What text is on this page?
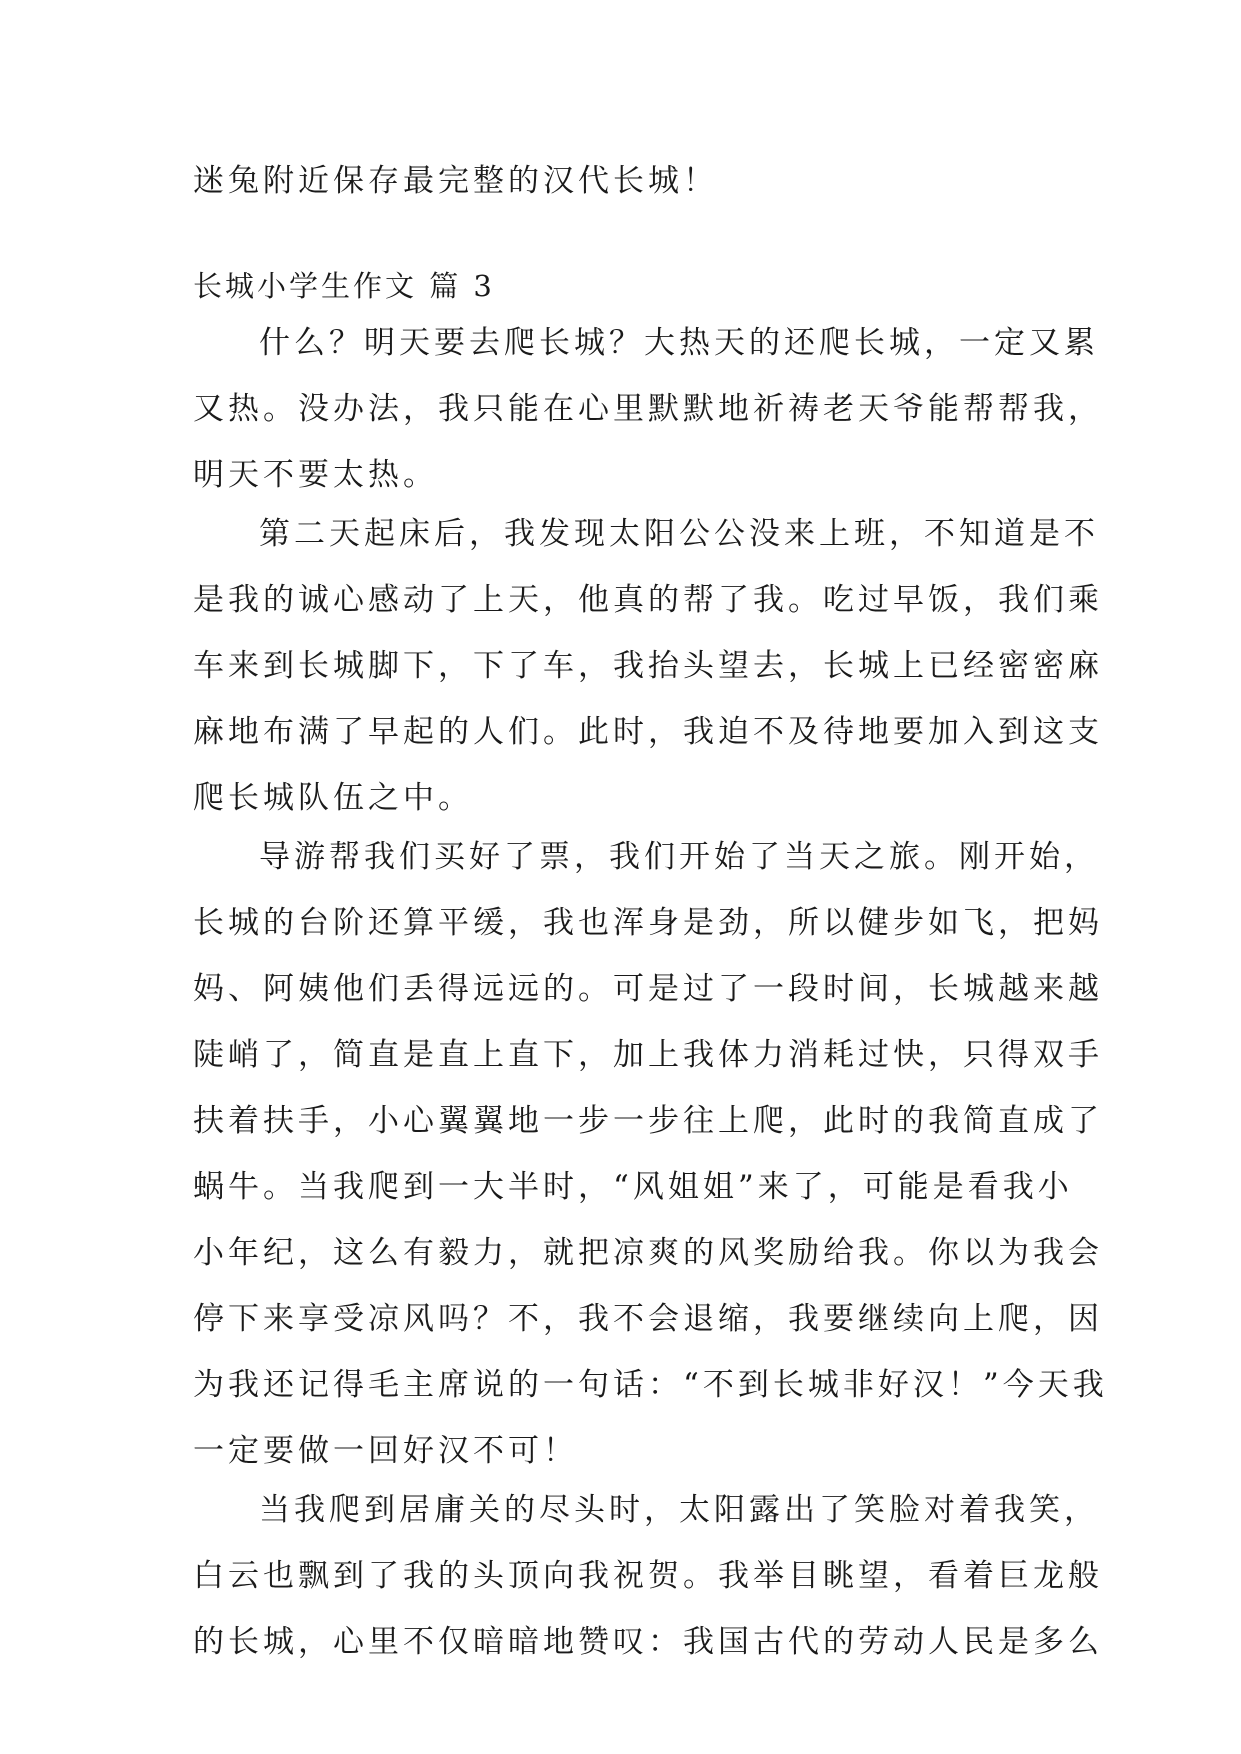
迷兔附近保存最完整的汉代长城！

长城小学生作文 篇 3

什么？明天要去爬长城？大热天的还爬长城，一定又累

又热。没办法，我只能在心里默默地祈祷老天爷能帮帮我，

明天不要太热。

第二天起床后，我发现太阳公公没来上班，不知道是不

是我的诚心感动了上天，他真的帮了我。吃过早饭，我们乘

车来到长城脚下，下了车，我抬头望去，长城上已经密密麻

麻地布满了早起的人们。此时，我迫不及待地要加入到这支

爬长城队伍之中。

导游帮我们买好了票，我们开始了当天之旅。刚开始，

长城的台阶还算平缓，我也浑身是劲，所以健步如飞，把妈

妈、阿姨他们丢得远远的。可是过了一段时间，长城越来越

陡峭了，简直是直上直下，加上我体力消耗过快，只得双手

扶着扶手，小心翼翼地一步一步往上爬，此时的我简直成了

蜗牛。当我爬到一大半时，“风姐姐”来了，可能是看我小

小年纪，这么有毅力，就把凉爽的风奖励给我。你以为我会

停下来享受凉风吗？不，我不会退缩，我要继续向上爬，因

为我还记得毛主席说的一句话：“不到长城非好汉！”今天我

一定要做一回好汉不可！

当我爬到居庸关的尽头时，太阳露出了笑脸对着我笑，

白云也飘到了我的头顶向我祝贺。我举目眺望，看着巨龙般

的长城，心里不仅暗暗地赞叹：我国古代的劳动人民是多么
